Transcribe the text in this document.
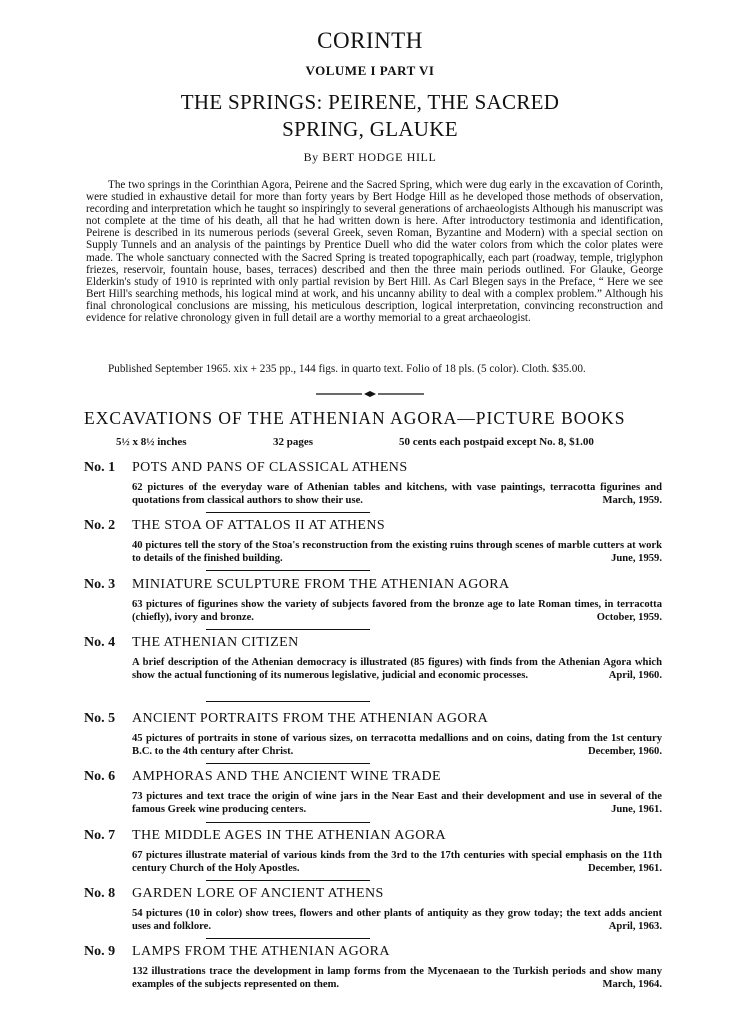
CORINTH
VOLUME I PART VI
THE SPRINGS: PEIRENE, THE SACRED
SPRING, GLAUKE
By BERT HODGE HILL

The two springs in the Corinthian Agora, Peirene and the Sacred Spring, which were dug early in the excavation of Corinth, were studied in exhaustive detail for more than forty years by Bert Hodge Hill as he developed those methods of observation, recording and interpretation which he taught so inspiringly to several generations of archaeologists Although his manuscript was not complete at the time of his death, all that he had written down is here. After introductory testimonia and identification, Peirene is described in its numerous periods (several Greek, seven Roman, Byzantine and Modern) with a special section on Supply Tunnels and an analysis of the paintings by Prentice Duell who did the water colors from which the color plates were made. The whole sanctuary connected with the Sacred Spring is treated topographically, each part (roadway, temple, triglyphon friezes, reservoir, fountain house, bases, terraces) described and then the three main periods outlined. For Glauke, George Elderkin's study of 1910 is reprinted with only partial revision by Bert Hill. As Carl Blegen says in the Preface, “ Here we see Bert Hill's searching methods, his logical mind at work, and his uncanny ability to deal with a complex problem.” Although his final chronological conclusions are missing, his meticulous description, logical interpretation, convincing reconstruction and evidence for relative chronology given in full detail are a worthy memorial to a great archaeologist.

Published September 1965. xix + 235 pp., 144 figs. in quarto text. Folio of 18 pls. (5 color). Cloth. $35.00.

EXCAVATIONS OF THE ATHENIAN AGORA—PICTURE BOOKS
5½ x 8½ inches	32 pages	50 cents each postpaid except No. 8, $1.00
No. 1 POTS AND PANS OF CLASSICAL ATHENS

62 pictures of the everyday ware of Athenian tables and kitchens, with vase paintings, terracotta figurines and quotations from classical authors to show their use.	March, 1959.

No. 2 THE STOA OF ATTALOS II AT ATHENS

40 pictures tell the story of the Stoa's reconstruction from the existing ruins through scenes of marble cutters at work to details of the finished building.	June, 1959.

No. 3 MINIATURE SCULPTURE FROM THE ATHENIAN AGORA

63 pictures of figurines show the variety of subjects favored from the bronze age to late Roman times, in terracotta (chiefly), ivory and bronze.	October, 1959.

No. 4 THE ATHENIAN CITIZEN

A brief description of the Athenian democracy is illustrated (85 figures) with finds from the Athenian Agora which show the actual functioning of its numerous legislative, judicial and economic processes.	April, 1960.

No. 5 ANCIENT PORTRAITS FROM THE ATHENIAN AGORA

45 pictures of portraits in stone of various sizes, on terracotta medallions and on coins, dating from the 1st century B.C. to the 4th century after Christ.	December, 1960.

No. 6 AMPHORAS AND THE ANCIENT WINE TRADE

73 pictures and text trace the origin of wine jars in the Near East and their development and use in several of the famous Greek wine producing centers.	June, 1961.

No. 7 THE MIDDLE AGES IN THE ATHENIAN AGORA

67 pictures illustrate material of various kinds from the 3rd to the 17th centuries with special emphasis on the 11th century Church of the Holy Apostles.	December, 1961.

No. 8 GARDEN LORE OF ANCIENT ATHENS

54 pictures (10 in color) show trees, flowers and other plants of antiquity as they grow today; the text adds ancient uses and folklore.	April, 1963.

No. 9 LAMPS FROM THE ATHENIAN AGORA

132 illustrations trace the development in lamp forms from the Mycenaean to the Turkish periods and show many examples of the subjects represented on them.	March, 1964.
